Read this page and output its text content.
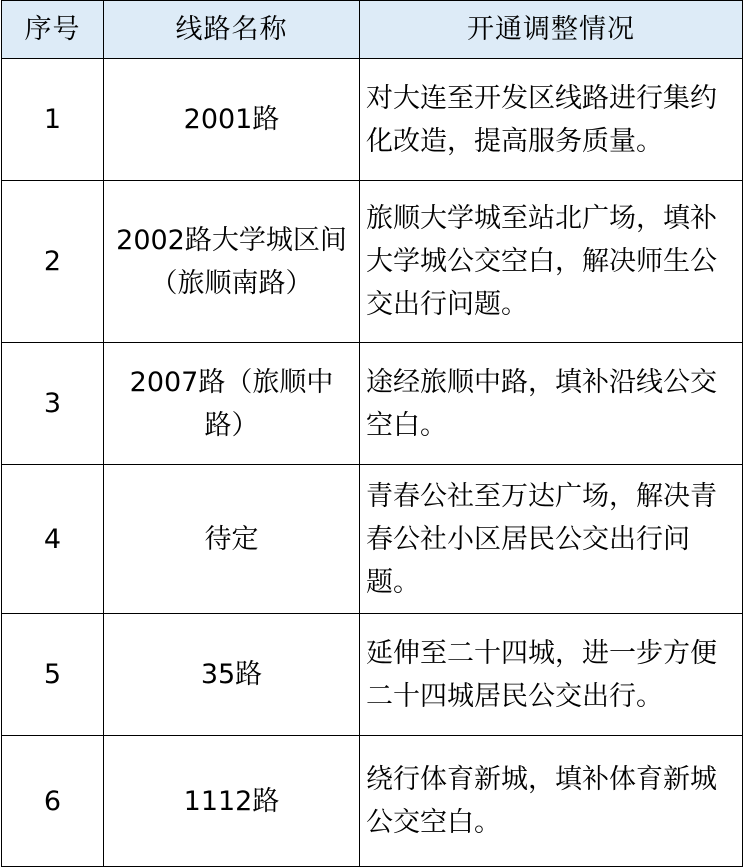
序号	线路名称	开通调整情况
1	2001路	对大连至开发区线路进行集约化改造，提高服务质量。
2	2002路大学城区间 （旅顺南路）	旅顺大学城至站北广场，填补大学城公交空白，解决师生公交出行问题。
3	2007路（旅顺中路）	途经旅顺中路，填补沿线公交空白。
4	待定	青春公社至万达广场，解决青春公社小区居民公交出行问题。
5	35路	延伸至二十四城，进一步方便二十四城居民公交出行。
6	1112路	绕行体育新城，填补体育新城公交空白。
